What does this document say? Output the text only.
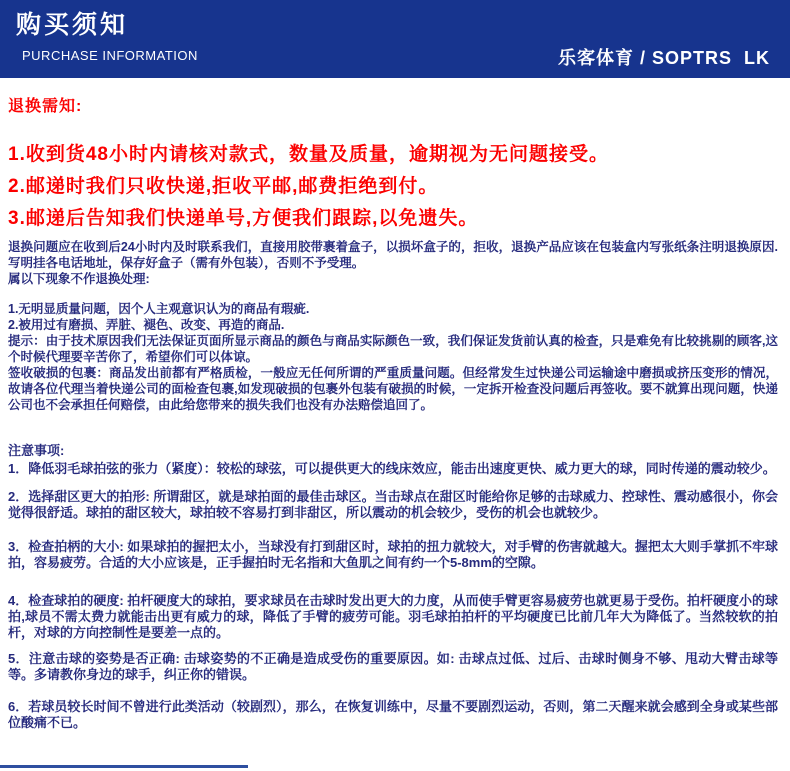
购买须知
PURCHASE INFORMATION	乐客体育 / SOPTRS  LK
退换需知:

1.收到货48小时内请核对款式，数量及质量，逾期视为无问题接受。

2.邮递时我们只收快递,拒收平邮,邮费拒绝到付。

3.邮递后告知我们快递单号,方便我们跟踪,以免遗失。

退换问题应在收到后24小时内及时联系我们，直接用胶带裹着盒子，以损坏盒子的，拒收，退换产品应该在包装盒内写张纸条注明退换原因.写明挂各电话地址，保存好盒子（需有外包装），否则不予受理。

属以下现象不作退换处理:

1.无明显质量问题，因个人主观意识认为的商品有瑕疵.

2.被用过有磨损、弄脏、褪色、改变、再造的商品.

提示：由于技术原因我们无法保证页面所显示商品的颜色与商品实际颜色一致，我们保证发货前认真的检查，只是难免有比较挑剔的顾客,这个时候代理要辛苦你了，希望你们可以体谅。

签收破损的包裹：商品发出前都有严格质检，一般应无任何所谓的严重质量问题。但经常发生过快递公司运输途中磨损或挤压变形的情况，故请各位代理当着快递公司的面检查包裹,如发现破损的包裹外包装有破损的时候，一定拆开检查没问题后再签收。要不就算出现问题，快递公司也不会承担任何赔偿，由此给您带来的损失我们也没有办法赔偿追回了。

注意事项:

1．降低羽毛球拍弦的张力（紧度）：较松的球弦，可以提供更大的线床效应，能击出速度更快、威力更大的球，同时传递的震动较少。

2．选择甜区更大的拍形: 所谓甜区，就是球拍面的最佳击球区。当击球点在甜区时能给你足够的击球威力、控球性、震动感很小，你会觉得很舒适。球拍的甜区较大，球拍较不容易打到非甜区，所以震动的机会较少，受伤的机会也就较少。

3．检查拍柄的大小: 如果球拍的握把太小，当球没有打到甜区时，球拍的扭力就较大，对手臂的伤害就越大。握把太大则手掌抓不牢球拍，容易疲劳。合适的大小应该是，正手握拍时无名指和大鱼肌之间有约一个5-8mm的空隙。

4．检查球拍的硬度: 拍杆硬度大的球拍，要求球员在击球时发出更大的力度，从而使手臂更容易疲劳也就更易于受伤。拍杆硬度小的球拍,球员不需太费力就能击出更有威力的球，降低了手臂的疲劳可能。羽毛球拍拍杆的平均硬度已比前几年大为降低了。当然较软的拍杆，对球的方向控制性是要差一点的。

5．注意击球的姿势是否正确: 击球姿势的不正确是造成受伤的重要原因。如: 击球点过低、过后、击球时侧身不够、甩动大臂击球等等。多请教你身边的球手，纠正你的错误。

6．若球员较长时间不曾进行此类活动（较剧烈），那么，在恢复训练中，尽量不要剧烈运动，否则，第二天醒来就会感到全身或某些部位酸痛不已。
